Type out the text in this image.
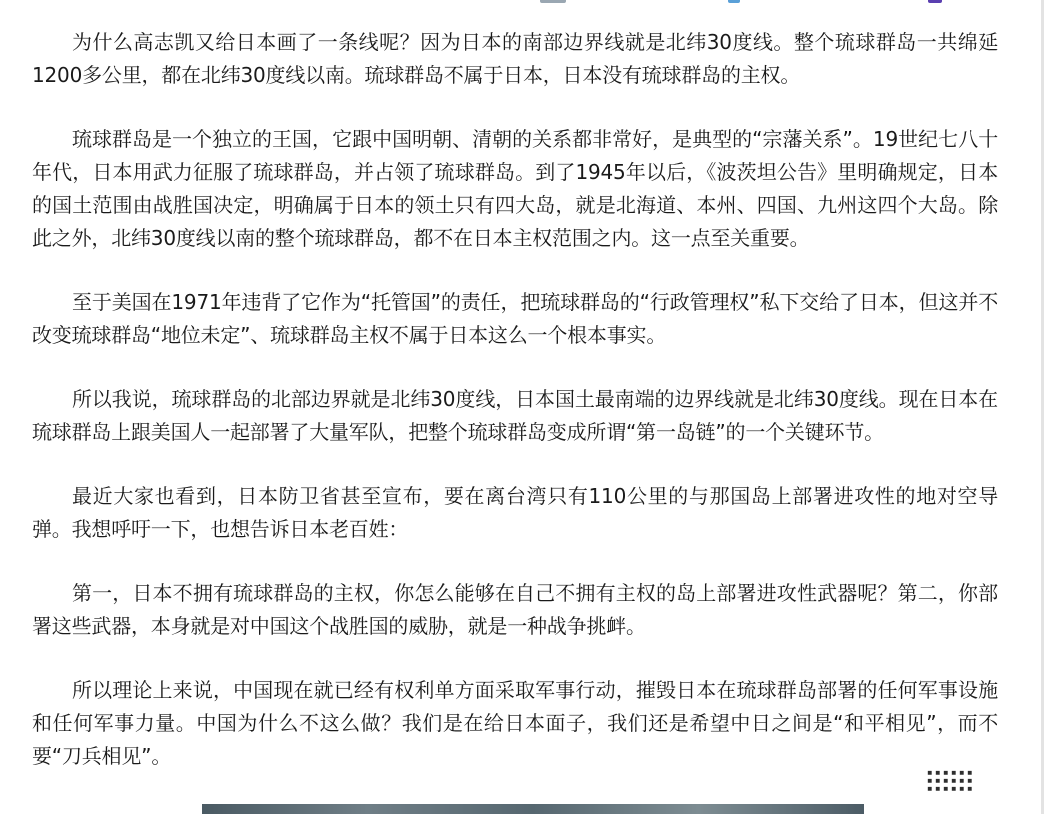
为什么高志凯又给日本画了一条线呢？因为日本的南部边界线就是北纬30度线。整个琉球群岛一共绵延1200多公里，都在北纬30度线以南。琉球群岛不属于日本，日本没有琉球群岛的主权。

琉球群岛是一个独立的王国，它跟中国明朝、清朝的关系都非常好，是典型的“宗藩关系”。19世纪七八十年代，日本用武力征服了琉球群岛，并占领了琉球群岛。到了1945年以后，《波茨坦公告》里明确规定，日本的国土范围由战胜国决定，明确属于日本的领土只有四大岛，就是北海道、本州、四国、九州这四个大岛。除此之外，北纬30度线以南的整个琉球群岛，都不在日本主权范围之内。这一点至关重要。

至于美国在1971年违背了它作为“托管国”的责任，把琉球群岛的“行政管理权”私下交给了日本，但这并不改变琉球群岛“地位未定”、琉球群岛主权不属于日本这么一个根本事实。

所以我说，琉球群岛的北部边界就是北纬30度线，日本国土最南端的边界线就是北纬30度线。现在日本在琉球群岛上跟美国人一起部署了大量军队，把整个琉球群岛变成所谓“第一岛链”的一个关键环节。

最近大家也看到，日本防卫省甚至宣布，要在离台湾只有110公里的与那国岛上部署进攻性的地对空导弹。我想呼吁一下，也想告诉日本老百姓：

第一，日本不拥有琉球群岛的主权，你怎么能够在自己不拥有主权的岛上部署进攻性武器呢？第二，你部署这些武器，本身就是对中国这个战胜国的威胁，就是一种战争挑衅。

所以理论上来说，中国现在就已经有权利单方面采取军事行动，摧毁日本在琉球群岛部署的任何军事设施和任何军事力量。中国为什么不这么做？我们是在给日本面子，我们还是希望中日之间是“和平相见”，而不要“刀兵相见”。

⫶⫶⫶⫶⫶⫶
